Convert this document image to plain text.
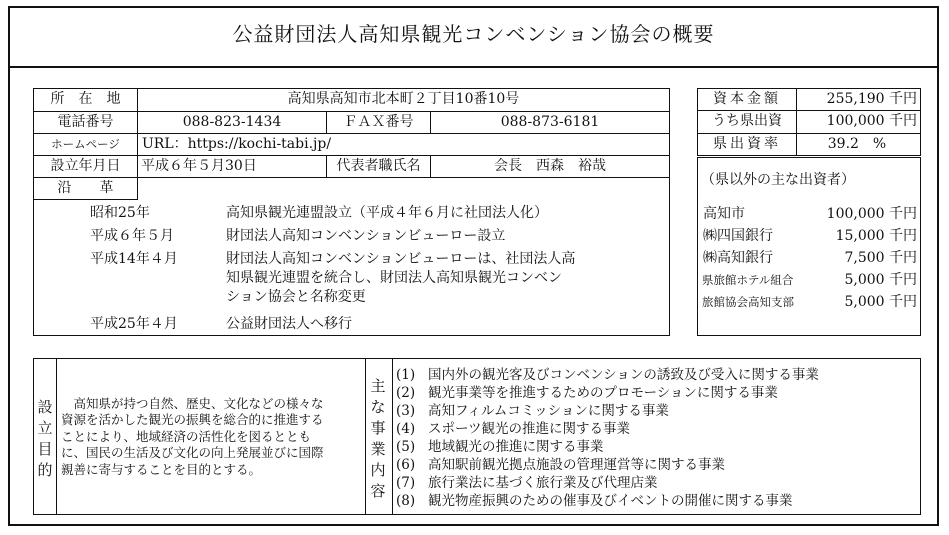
公益財団法人高知県観光コンベンション協会の概要
所　在　地	高知県高知市北本町２丁目10番10号
電話番号	088-823-1434	ＦＡＸ番号	088-873-6181
ホームページ	URL：https://kochi-tabi.jp/
設立年月日	平成６年５月30日	代表者職氏名	会長　西森　裕哉
沿　　革
昭和25年	高知県観光連盟設立（平成４年６月に社団法人化）
平成６年５月	財団法人高知コンベンションビューロー設立
平成14年４月	財団法人高知コンベンションビューローは、社団法人高
知県観光連盟を統合し、財団法人高知県観光コンベン
ション協会と名称変更
平成25年４月	公益財団法人へ移行
資本金額	255,190 千円
うち県出資	100,000 千円
県出資率	39.2　%
（県以外の主な出資者）
高知市	100,000 千円
㈱四国銀行	15,000 千円
㈱高知銀行	7,500 千円
県旅館ホテル組合	5,000 千円
旅館協会高知支部	5,000 千円
設
立
目
的
　高知県が持つ自然、歴史、文化などの様々な
資源を活かした観光の振興を総合的に推進する
ことにより、地域経済の活性化を図るととも
に、国民の生活及び文化の向上発展並びに国際
親善に寄与することを目的とする。
主
な
事
業
内
容
(1) 国内外の観光客及びコンベンションの誘致及び受入に関する事業
(2) 観光事業等を推進するためのプロモーションに関する事業
(3) 高知フィルムコミッションに関する事業
(4) スポーツ観光の推進に関する事業
(5) 地域観光の推進に関する事業
(6) 高知駅前観光拠点施設の管理運営等に関する事業
(7) 旅行業法に基づく旅行業及び代理店業
(8) 観光物産振興のための催事及びイベントの開催に関する事業
